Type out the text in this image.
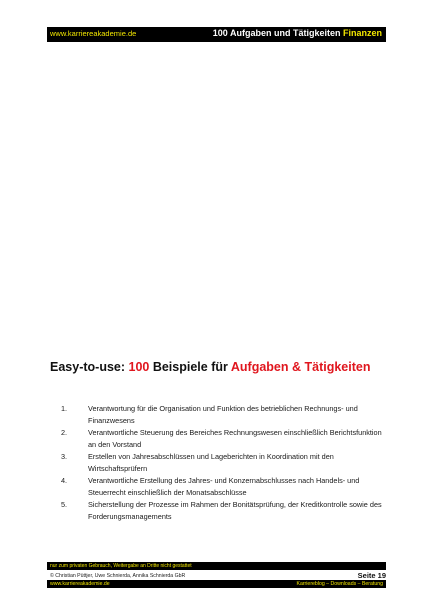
www.karriereakademie.de	100 Aufgaben und Tätigkeiten Finanzen
Easy-to-use: 100 Beispiele für Aufgaben & Tätigkeiten
1.	Verantwortung für die Organisation und Funktion des betrieblichen Rechnungs- und Finanzwesens
2.	Verantwortliche Steuerung des Bereiches Rechnungswesen einschließlich Berichtsfunktion an den Vorstand
3.	Erstellen von Jahresabschlüssen und Lageberichten in Koordination mit den Wirtschaftsprüfern
4.	Verantwortliche Erstellung des Jahres- und Konzernabschlusses nach Handels- und Steuerrecht einschließlich der Monatsabschlüsse
5.	Sicherstellung der Prozesse im Rahmen der Bonitätsprüfung, der Kreditkontrolle sowie des Forderungsmanagements
nur zum privaten Gebrauch, Weitergabe an Dritte nicht gestattet
© Christian Püttjer, Uwe Schnierda, Annika Schnierda GbR	Seite 19
www.karriereakademie.de	Karriereblog – Downloads – Beratung
